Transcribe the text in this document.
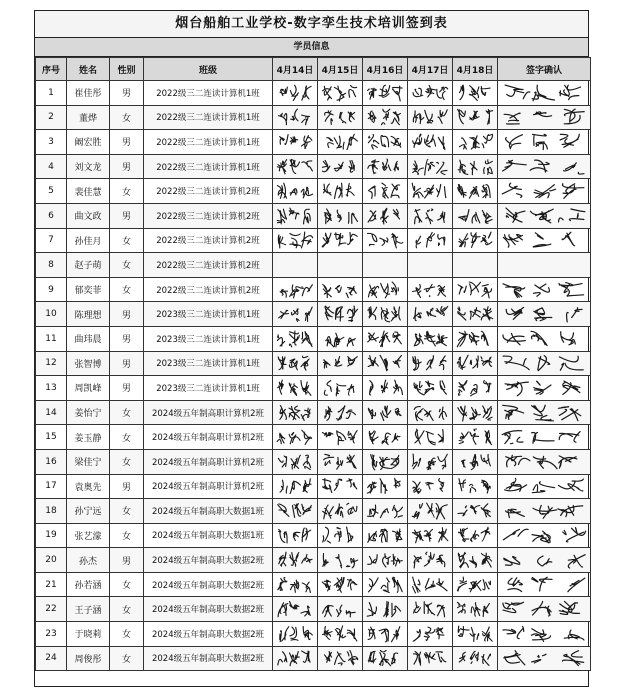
烟台船舶工业学校-数字孪生技术培训签到表
学员信息
序号	姓名	性别	班级	4月14日	4月15日	4月16日	4月17日	4月18日	签字确认
1	崔佳彤	男	2022级三二连读计算机1班	

2	董烨	女	2022级三二连读计算机1班	

3	阚宏胜	男	2022级三二连读计算机1班	

4	刘文龙	男	2022级三二连读计算机1班	

5	裴佳慧	女	2022级三二连读计算机2班	

6	曲文政	男	2022级三二连读计算机2班	

7	孙佳月	女	2022级三二连读计算机2班	

8	赵子萌	女	2022级三二连读计算机2班						
9	郁奕菲	女	2022级三二连读计算机2班	

10	陈理想	男	2023级三二连读计算机1班	

11	曲玮晨	男	2023级三二连读计算机1班	

12	张智博	男	2023级三二连读计算机1班	

13	周凯峰	男	2023级三二连读计算机1班	

14	姜怡宁	女	2024级五年制高职计算机2班	

15	姜玉静	女	2024级五年制高职计算机2班	

16	梁佳宁	女	2024级五年制高职计算机2班	

17	袁奥先	男	2024级五年制高职计算机2班	

18	孙宁远	女	2024级五年制高职大数据1班	

19	张艺濛	女	2024级五年制高职大数据1班	

20	孙杰	男	2024级五年制高职大数据2班	

21	孙若涵	女	2024级五年制高职大数据2班	

22	王子涵	女	2024级五年制高职大数据2班	

23	于晓莉	女	2024级五年制高职大数据2班	

24	周俊彤	女	2024级五年制高职大数据2班	
